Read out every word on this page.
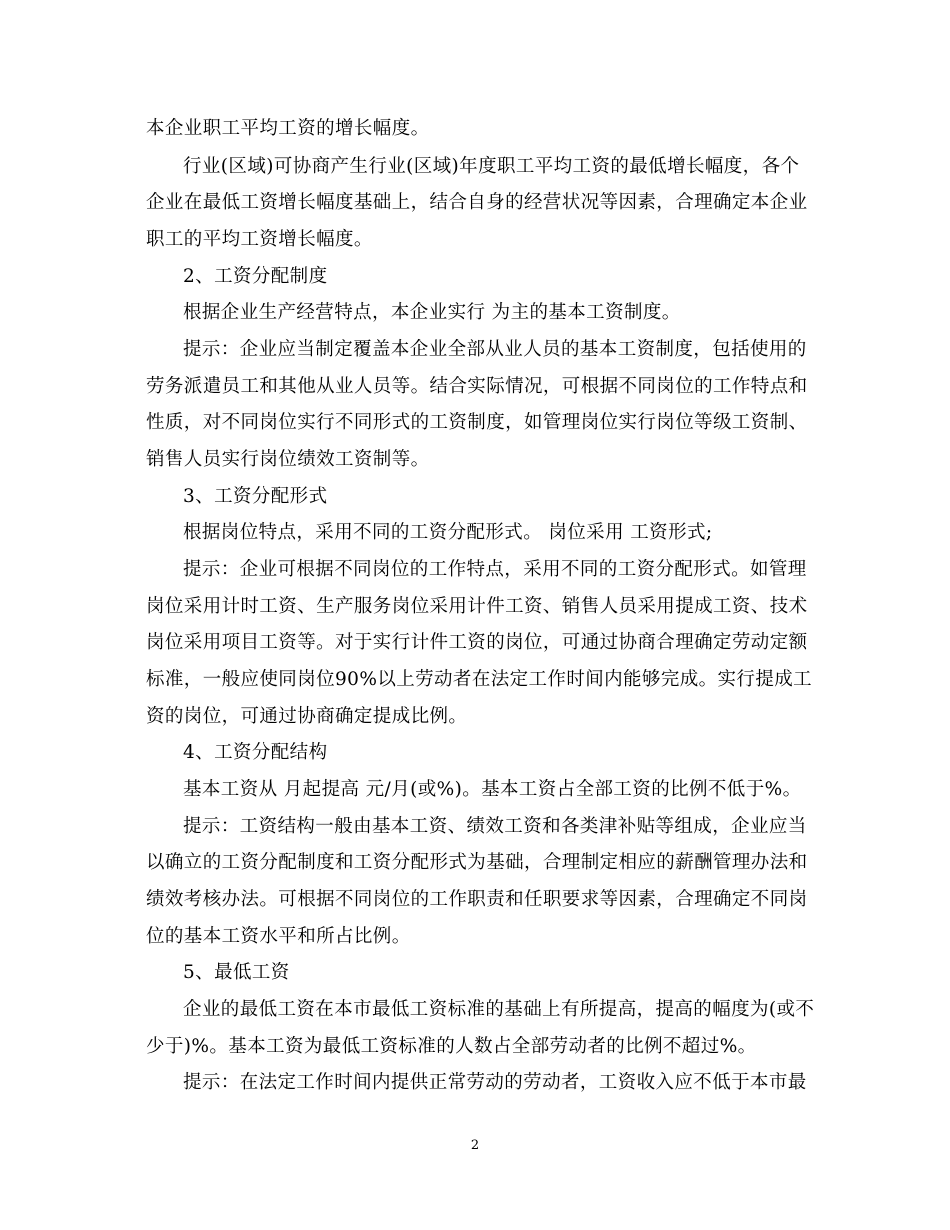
本企业职工平均工资的增长幅度。

行业(区域)可协商产生行业(区域)年度职工平均工资的最低增长幅度，各个

企业在最低工资增长幅度基础上，结合自身的经营状况等因素，合理确定本企业

职工的平均工资增长幅度。

2、工资分配制度

根据企业生产经营特点，本企业实行 为主的基本工资制度。

提示：企业应当制定覆盖本企业全部从业人员的基本工资制度，包括使用的

劳务派遣员工和其他从业人员等。结合实际情况，可根据不同岗位的工作特点和

性质，对不同岗位实行不同形式的工资制度，如管理岗位实行岗位等级工资制、

销售人员实行岗位绩效工资制等。

3、工资分配形式

根据岗位特点，采用不同的工资分配形式。 岗位采用 工资形式;

提示：企业可根据不同岗位的工作特点，采用不同的工资分配形式。如管理

岗位采用计时工资、生产服务岗位采用计件工资、销售人员采用提成工资、技术

岗位采用项目工资等。对于实行计件工资的岗位，可通过协商合理确定劳动定额

标准，一般应使同岗位90%以上劳动者在法定工作时间内能够完成。实行提成工

资的岗位，可通过协商确定提成比例。

4、工资分配结构

基本工资从 月起提高 元/月(或%)。基本工资占全部工资的比例不低于%。

提示：工资结构一般由基本工资、绩效工资和各类津补贴等组成，企业应当

以确立的工资分配制度和工资分配形式为基础，合理制定相应的薪酬管理办法和

绩效考核办法。可根据不同岗位的工作职责和任职要求等因素，合理确定不同岗

位的基本工资水平和所占比例。

5、最低工资

企业的最低工资在本市最低工资标准的基础上有所提高，提高的幅度为(或不

少于)%。基本工资为最低工资标准的人数占全部劳动者的比例不超过%。

提示：在法定工作时间内提供正常劳动的劳动者，工资收入应不低于本市最

2
